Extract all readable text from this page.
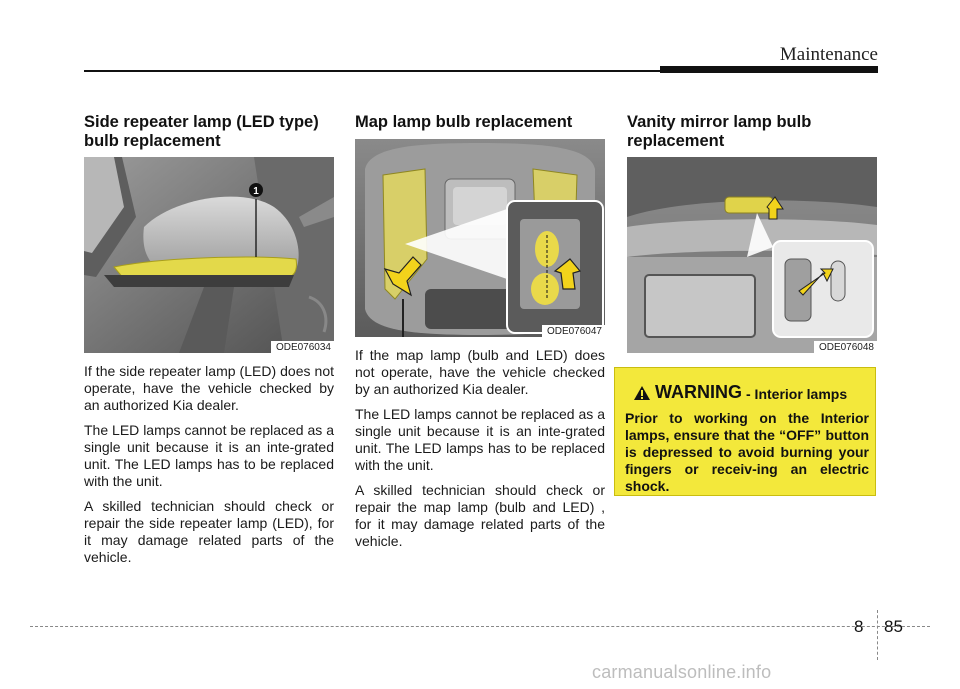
Maintenance
Side repeater lamp (LED type) bulb replacement
1
ODE076034

If the side repeater lamp (LED) does not operate, have the vehicle checked by an authorized Kia dealer.

The LED lamps cannot be replaced as a single unit because it is an inte-grated unit. The LED lamps has to be replaced with the unit.

A skilled technician should check or repair the side repeater lamp (LED), for it may damage related parts of the vehicle.

Map lamp bulb replacement
ODE076047

If the map lamp (bulb and LED) does not operate, have the vehicle checked by an authorized Kia dealer.

The LED lamps cannot be replaced as a single unit because it is an inte-grated unit. The LED lamps has to be replaced with the unit.

A skilled technician should check or repair the map lamp (bulb and LED) , for it may damage related parts of the vehicle.

Vanity mirror lamp bulb replacement
ODE076048
WARNING - Interior lamps
Prior to working on the Interior lamps, ensure that the “OFF” button is depressed to avoid burning your fingers or receiv-ing an electric shock.
8 85
carmanualsonline.info
